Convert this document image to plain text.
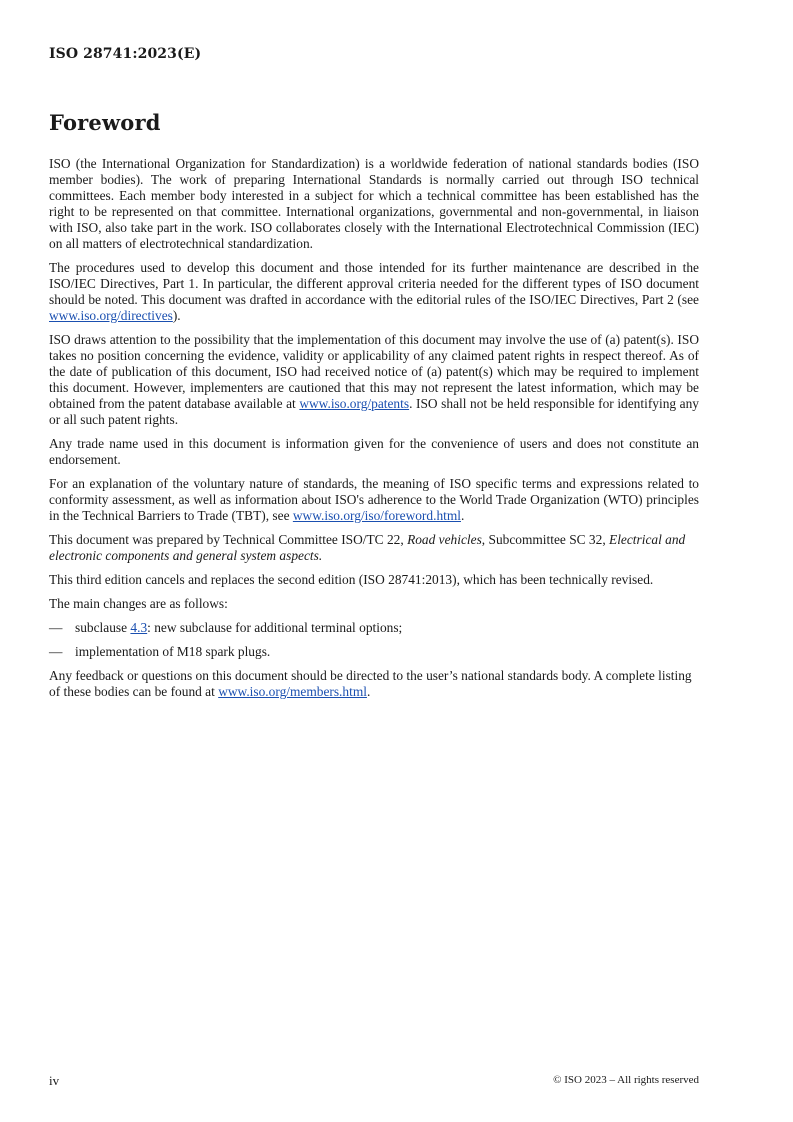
ISO 28741:2023(E)
Foreword

ISO (the International Organization for Standardization) is a worldwide federation of national standards bodies (ISO member bodies). The work of preparing International Standards is normally carried out through ISO technical committees. Each member body interested in a subject for which a technical committee has been established has the right to be represented on that committee. International organizations, governmental and non-governmental, in liaison with ISO, also take part in the work. ISO collaborates closely with the International Electrotechnical Commission (IEC) on all matters of electrotechnical standardization.

The procedures used to develop this document and those intended for its further maintenance are described in the ISO/IEC Directives, Part 1. In particular, the different approval criteria needed for the different types of ISO document should be noted. This document was drafted in accordance with the editorial rules of the ISO/IEC Directives, Part 2 (see www.iso.org/directives).

ISO draws attention to the possibility that the implementation of this document may involve the use of (a) patent(s). ISO takes no position concerning the evidence, validity or applicability of any claimed patent rights in respect thereof. As of the date of publication of this document, ISO had received notice of (a) patent(s) which may be required to implement this document. However, implementers are cautioned that this may not represent the latest information, which may be obtained from the patent database available at www.iso.org/patents. ISO shall not be held responsible for identifying any or all such patent rights.

Any trade name used in this document is information given for the convenience of users and does not constitute an endorsement.

For an explanation of the voluntary nature of standards, the meaning of ISO specific terms and expressions related to conformity assessment, as well as information about ISO's adherence to the World Trade Organization (WTO) principles in the Technical Barriers to Trade (TBT), see www.iso.org/iso/foreword.html.

This document was prepared by Technical Committee ISO/TC 22, Road vehicles, Subcommittee SC 32, Electrical and electronic components and general system aspects.

This third edition cancels and replaces the second edition (ISO 28741:2013), which has been technically revised.

The main changes are as follows:

— subclause 4.3: new subclause for additional terminal options;
— implementation of M18 spark plugs.

Any feedback or questions on this document should be directed to the user’s national standards body. A complete listing of these bodies can be found at www.iso.org/members.html.

iv	© ISO 2023 – All rights reserved
